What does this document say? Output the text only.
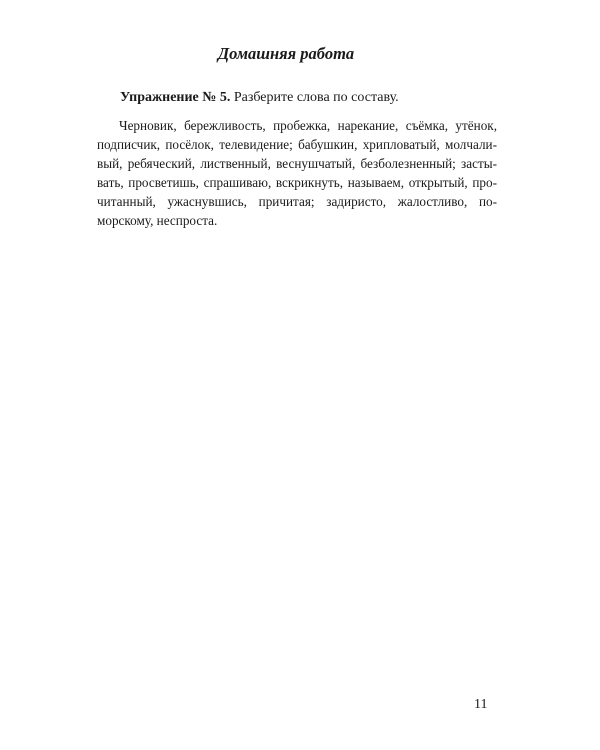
Домашняя работа
Упражнение № 5. Разберите слова по составу.
Черновик, бережливость, пробежка, нарекание, съёмка, утёнок,
подписчик, посёлок, телевидение; бабушкин, хрипловатый, молчали-
вый, ребяческий, лиственный, веснушчатый, безболезненный; засты-
вать, просветишь, спрашиваю, вскрикнуть, называем, открытый, про-
читанный, ужаснувшись, причитая; задиристо, жалостливо, по-
морскому, неспроста.
11
